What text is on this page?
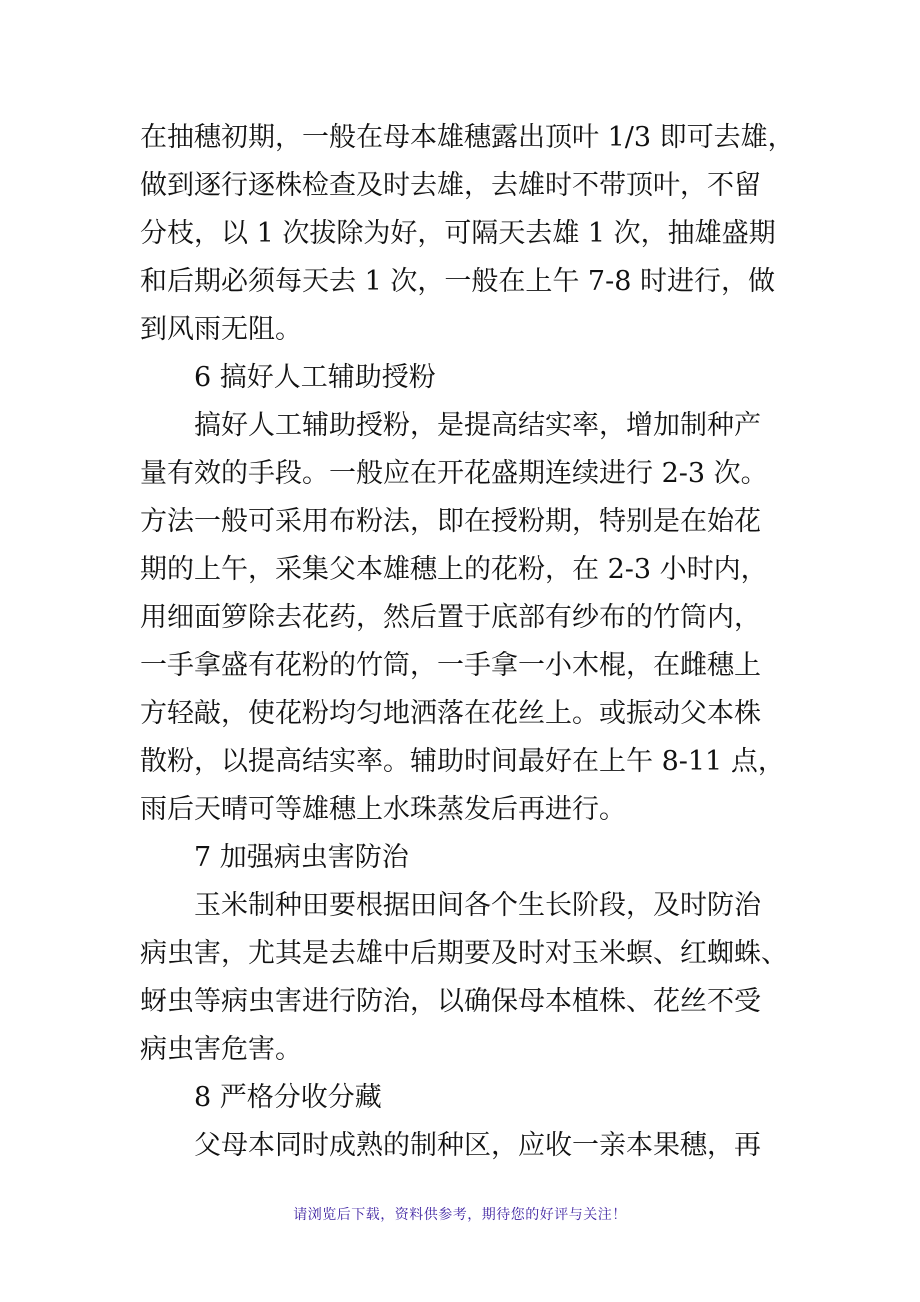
在抽穗初期，一般在母本雄穗露出顶叶 1/3 即可去雄，
做到逐行逐株检查及时去雄，去雄时不带顶叶，不留
分枝，以 1 次拔除为好，可隔天去雄 1 次，抽雄盛期
和后期必须每天去 1 次，一般在上午 7-8 时进行，做
到风雨无阻。
6 搞好人工辅助授粉
搞好人工辅助授粉，是提高结实率，增加制种产
量有效的手段。一般应在开花盛期连续进行 2-3 次。
方法一般可采用布粉法，即在授粉期，特别是在始花
期的上午，采集父本雄穗上的花粉，在 2-3 小时内，
用细面箩除去花药，然后置于底部有纱布的竹筒内，
一手拿盛有花粉的竹筒，一手拿一小木棍，在雌穗上
方轻敲，使花粉均匀地洒落在花丝上。或振动父本株
散粉，以提高结实率。辅助时间最好在上午 8-11 点，
雨后天晴可等雄穗上水珠蒸发后再进行。
7 加强病虫害防治
玉米制种田要根据田间各个生长阶段，及时防治
病虫害，尤其是去雄中后期要及时对玉米螟、红蜘蛛、
蚜虫等病虫害进行防治，以确保母本植株、花丝不受
病虫害危害。
8 严格分收分藏
父母本同时成熟的制种区，应收一亲本果穗，再
请浏览后下载，资料供参考，期待您的好评与关注！
